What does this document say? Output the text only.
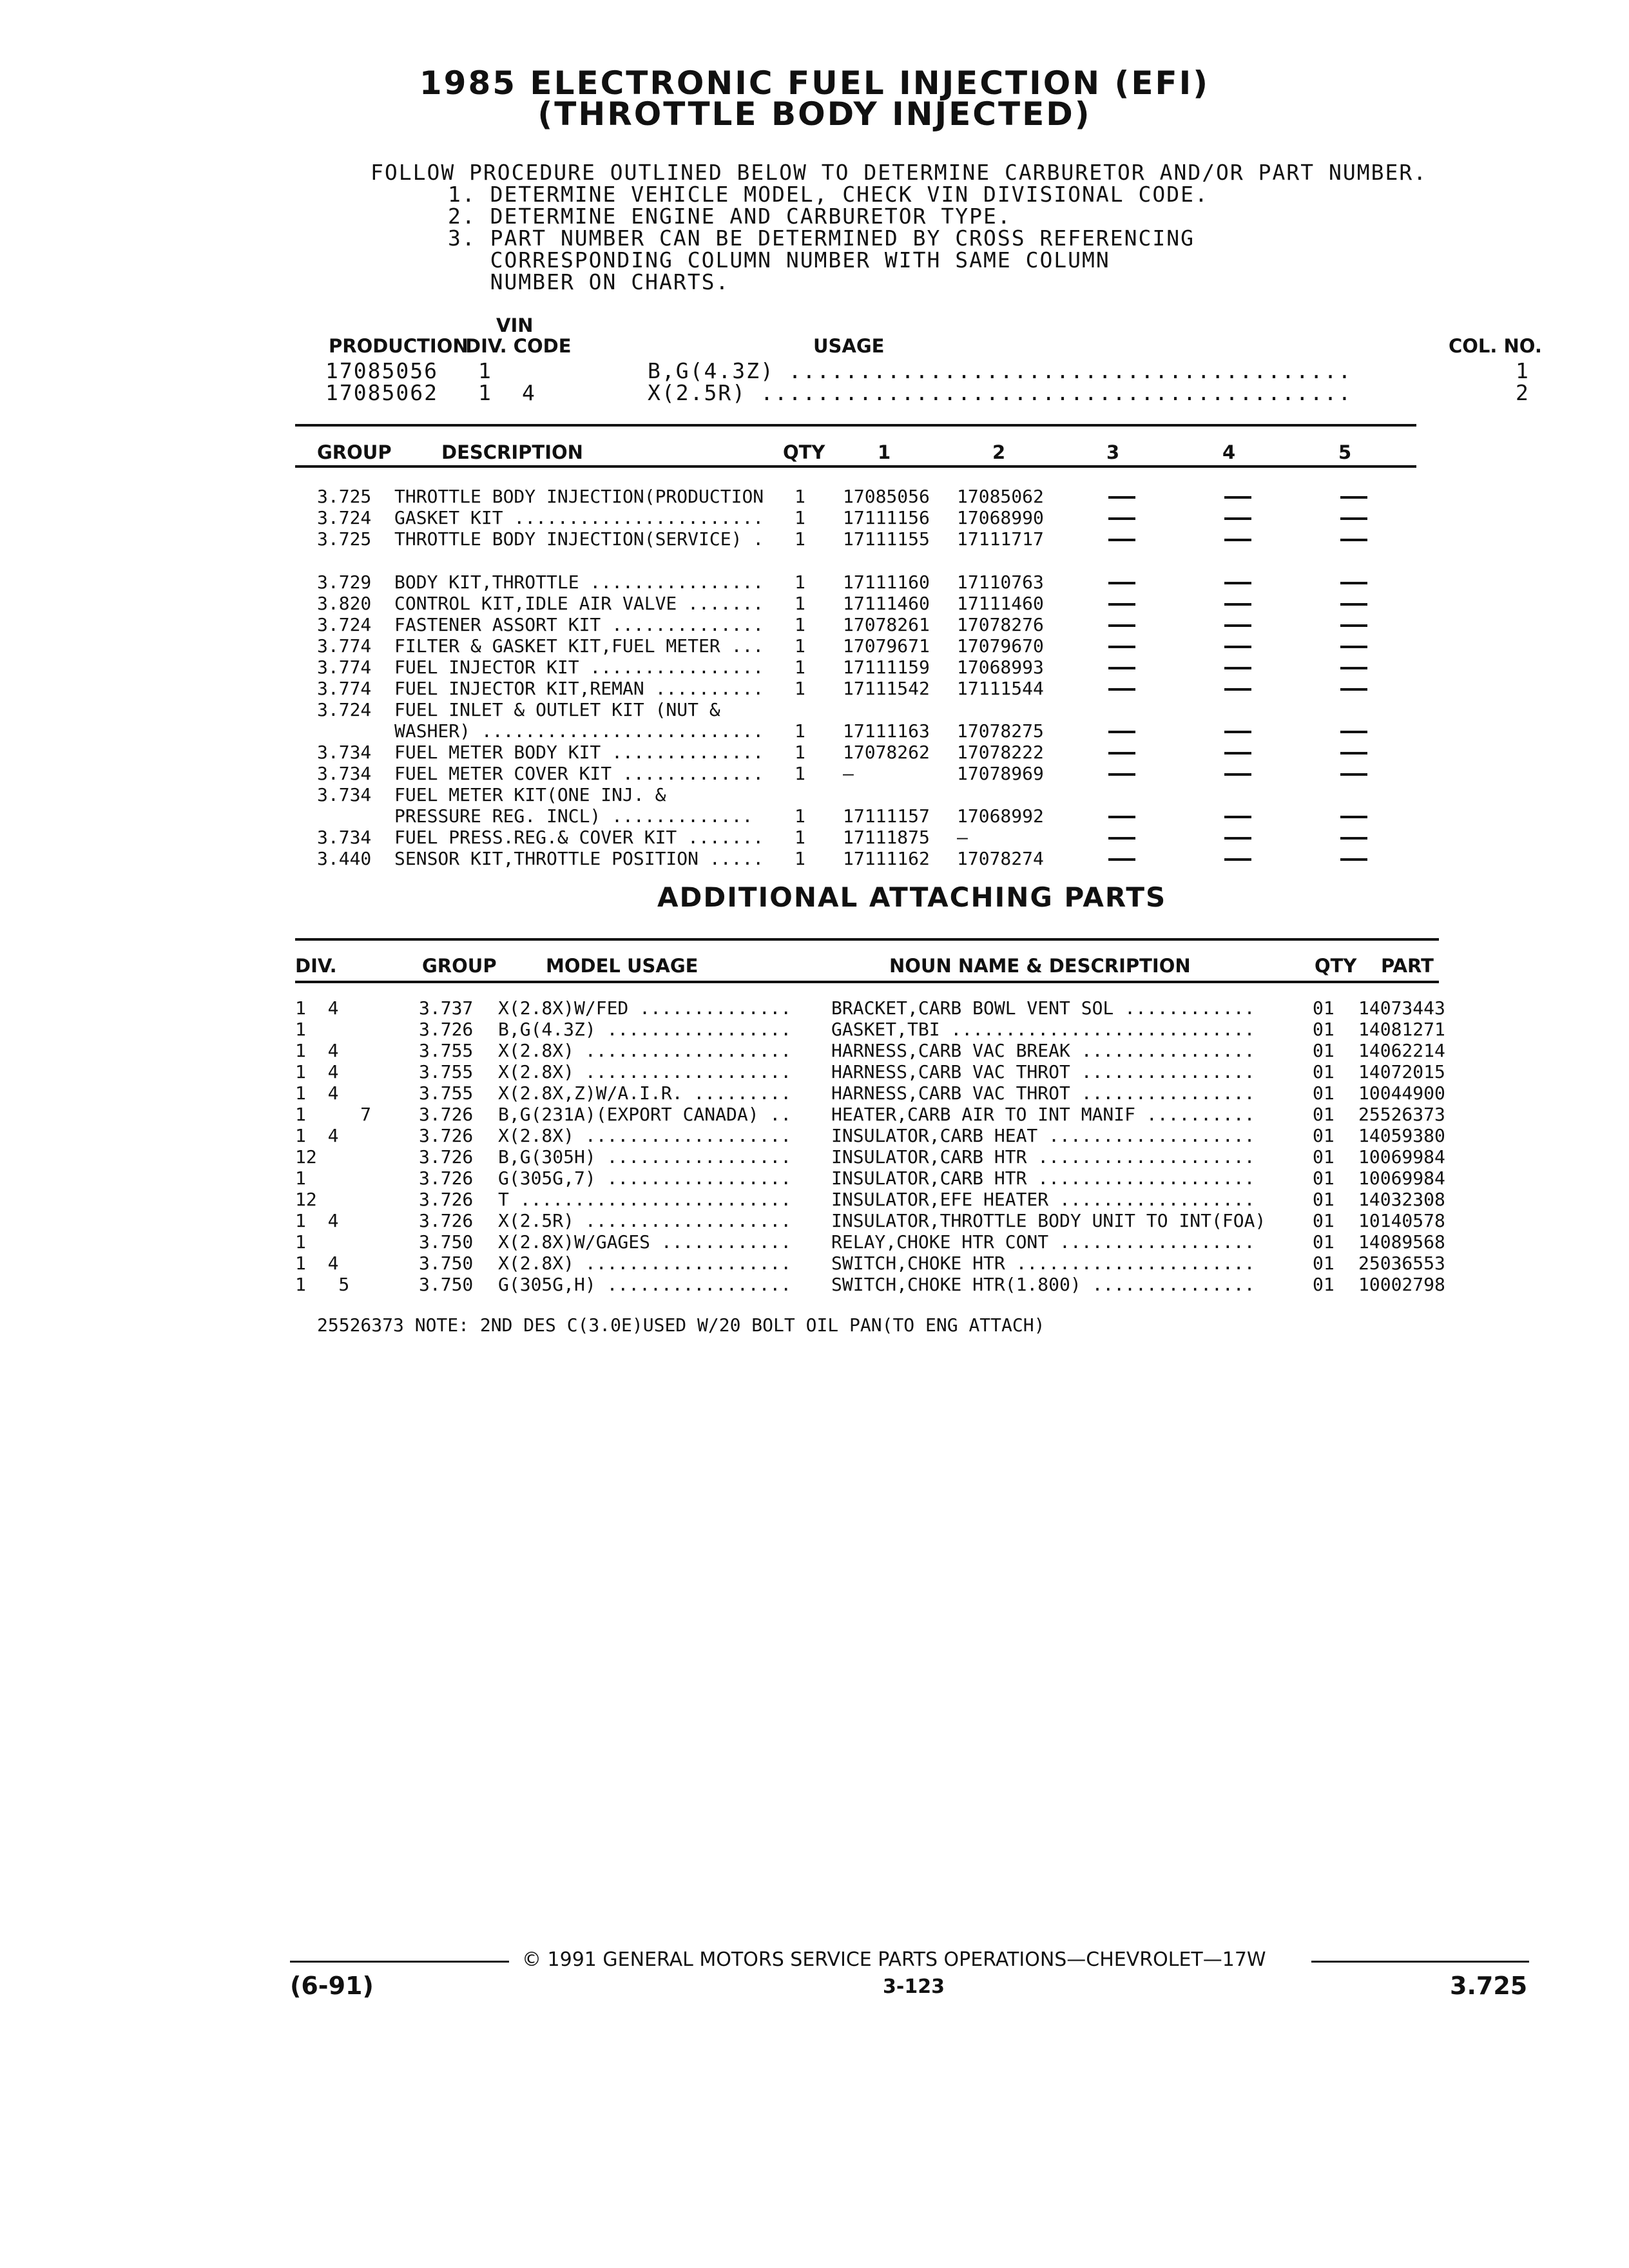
1985 ELECTRONIC FUEL INJECTION (EFI)
(THROTTLE BODY INJECTED)
FOLLOW PROCEDURE OUTLINED BELOW TO DETERMINE CARBURETOR AND/OR PART NUMBER.
1. DETERMINE VEHICLE MODEL, CHECK VIN DIVISIONAL CODE.
2. DETERMINE ENGINE AND CARBURETOR TYPE.
3. PART NUMBER CAN BE DETERMINED BY CROSS REFERENCING
CORRESPONDING COLUMN NUMBER WITH SAME COLUMN
NUMBER ON CHARTS.
VIN
PRODUCTION
DIV. CODE	USAGE	COL. NO.
17085056 1	B,G(4.3Z) ........................................	1
17085062 1 4	X(2.5R) ..........................................	2
GROUP	DESCRIPTION	QTY	1	2	3	4	5
3.725 THROTTLE BODY INJECTION(PRODUCTION 1 17085056 17085062
3.724 GASKET KIT ....................... 1 17111156 17068990
3.725 THROTTLE BODY INJECTION(SERVICE) . 1 17111155 17111717
3.729 BODY KIT,THROTTLE ................ 1 17111160 17110763
3.820 CONTROL KIT,IDLE AIR VALVE ....... 1 17111460 17111460
3.724 FASTENER ASSORT KIT .............. 1 17078261 17078276
3.774 FILTER & GASKET KIT,FUEL METER ... 1 17079671 17079670
3.774 FUEL INJECTOR KIT ................ 1 17111159 17068993
3.774 FUEL INJECTOR KIT,REMAN .......... 1 17111542 17111544
3.724 FUEL INLET & OUTLET KIT (NUT &
WASHER) .......................... 1 17111163 17078275
3.734 FUEL METER BODY KIT .............. 1 17078262 17078222
3.734 FUEL METER COVER KIT ............. 1 —	17078969
3.734 FUEL METER KIT(ONE INJ. &
PRESSURE REG. INCL) ............. 1 17111157 17068992
3.734 FUEL PRESS.REG.& COVER KIT ....... 1 17111875 —
3.440 SENSOR KIT,THROTTLE POSITION ..... 1 17111162 17078274
ADDITIONAL ATTACHING PARTS
DIV.	GROUP	MODEL USAGE	NOUN NAME & DESCRIPTION	QTY PART
1  4	3.737 X(2.8X)W/FED .............. BRACKET,CARB BOWL VENT SOL ............	01 14073443
1	3.726 B,G(4.3Z) ................. GASKET,TBI ............................	01 14081271
1  4	3.755 X(2.8X) ................... HARNESS,CARB VAC BREAK ................	01 14062214
1  4	3.755 X(2.8X) ................... HARNESS,CARB VAC THROT ................	01 14072015
1  4	3.755 X(2.8X,Z)W/A.I.R. ......... HARNESS,CARB VAC THROT ................	01 10044900
1     7	3.726 B,G(231A)(EXPORT CANADA) .. HEATER,CARB AIR TO INT MANIF ..........	01 25526373
1  4	3.726 X(2.8X) ................... INSULATOR,CARB HEAT ...................	01 14059380
12	3.726 B,G(305H) ................. INSULATOR,CARB HTR ....................	01 10069984
1	3.726 G(305G,7) ................. INSULATOR,CARB HTR ....................	01 10069984
12	3.726 T ......................... INSULATOR,EFE HEATER ..................	01 14032308
1  4	3.726 X(2.5R) ................... INSULATOR,THROTTLE BODY UNIT TO INT(FOA)	01 10140578
1	3.750 X(2.8X)W/GAGES ............ RELAY,CHOKE HTR CONT ..................	01 14089568
1  4	3.750 X(2.8X) ................... SWITCH,CHOKE HTR ......................	01 25036553
1   5	3.750 G(305G,H) ................. SWITCH,CHOKE HTR(1.800) ...............	01 10002798
25526373 NOTE: 2ND DES C(3.0E)USED W/20 BOLT OIL PAN(TO ENG ATTACH)
© 1991 GENERAL MOTORS SERVICE PARTS OPERATIONS—CHEVROLET—17W
(6-91)	3-123	3.725
